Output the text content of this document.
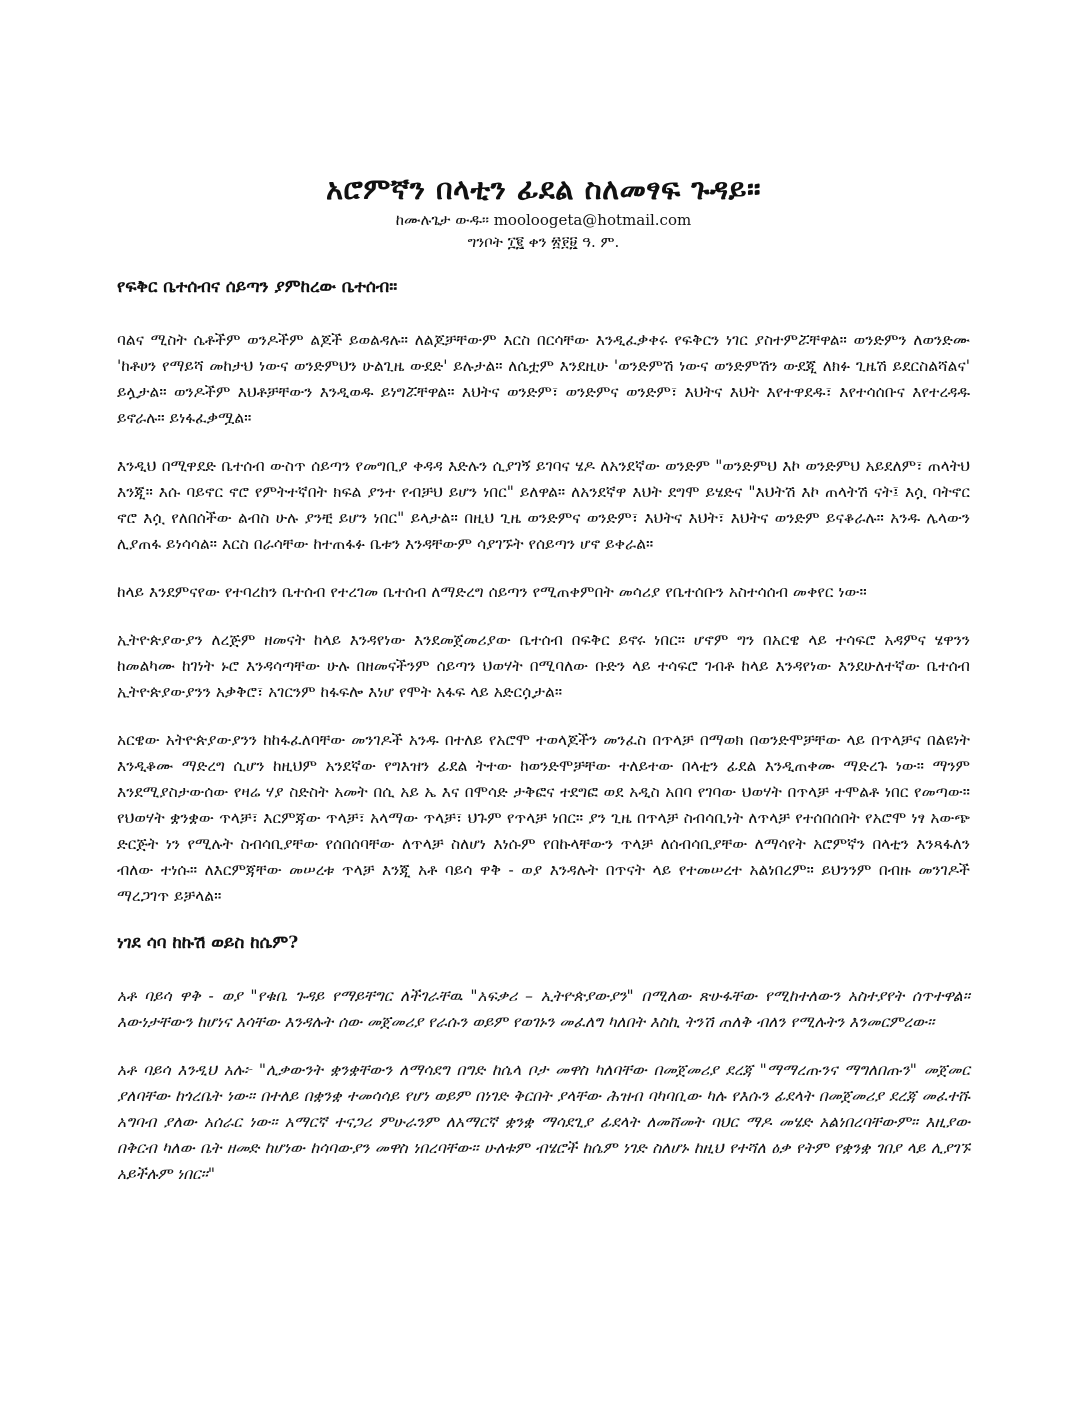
አሮምኛን በላቲን ፊደል ስለመፃፍ ጉዳይ።

ከሙሉጌታ ውዱ። mooloogeta@hotmail.com

ግንቦት ፲፪ ቀን ፳፻፱ ዓ. ም.

የፍቅር ቤተሰብና ሰይጣን ያምከረው ቤተሰብ።

ባልና ሚስት ሴቶችም ወንዶችም ልጆች ይወልዳሉ። ለልጆቻቸውም እርስ በርሳቸው እንዲፈቃቀሩ የፍቅርን ነገር ያስተምሯቸዋል። ወንድምን ለወንድሙ 'ከቶሀን የማይሻ መከታህ ነውና ወንድምህን ሁልጊዜ ውደድ' ይሉታል። ለሴቷም እንደዚሁ 'ወንድምሽ ነውና ወንድምሽን ውደጂ ለክፉ ጊዜሽ ይደርስልሻልና' ይሏታል። ወንዶችም እህቶቻቸውን እንዲወዱ ይነግሯቸዋል። እህትና ወንድም፣ ወንድምና ወንድም፣ እህትና እህት እየተዋደዱ፣ እየተሳሰቡና እየተረዳዱ ይኖራሉ። ይነፋፈቃሟል።

እንዲህ በሚዋደድ ቤተሰብ ውስጥ ሰይጣን የመግቢያ ቀዳዳ እድሉን ሲያገኝ ይገባና ሄዶ ለአንደኛው ወንድም "ወንድምህ እኮ ወንድምህ አይደለም፣ ጠላትህ እንጂ። እሱ ባይኖር ኖሮ የምትተኛበት ክፍል ያንተ የብቻህ ይሆን ነበር" ይለዋል። ለአንደኛዋ እህት ደግሞ ይሄድና "እህትሽ እኮ ጠላትሽ ናት፤ እሷ ባትኖር ኖሮ እሷ የለበሰችው ልብስ ሁሉ ያንቺ ይሆን ነበር" ይላታል። በዚህ ጊዜ ወንድምና ወንድም፣ እህትና እህት፣ እህትና ወንድም ይናቆራሉ። አንዱ ሌላውን ሊያጠፋ ይነሳሳል። እርስ በራሳቸው ከተጠፋፉ ቤቱን እንዳቸውም ሳያገኙት የሰይጣን ሆኖ ይቀራል።

ከላይ እንደምናየው የተባረከን ቤተሰብ የተረገመ ቤተሰብ ለማድረግ ሰይጣን የሚጠቀምበት መሳሪያ የቤተሰቡን አስተሳሰብ መቀየር ነው።

ኢትዮጵያውያን ለረጅም ዘመናት ከላይ እንዳየነው እንደመጀመሪያው ቤተሰብ በፍቅር ይኖሩ ነበር። ሆኖም ግን በአርዌ ላይ ተሳፍሮ አዳምና ሄዋንን ከመልካሙ ከገነት ኑሮ እንዳሳጣቸው ሁሉ በዘመናችንም ሰይጣን ህወሃት በሚባለው ቡድን ላይ ተሳፍሮ ገብቶ ከላይ እንዳየነው እንደሁለተኛው ቤተሰብ ኢትዮጵያውያንን አቃቅሮ፣ አገርንም ከፋፍሎ እነሆ የሞት አፋፍ ላይ አድርሷታል።

አርዌው አትዮጵያውያንን ከከፋፈለባቸው መንገዶች አንዱ በተለይ የአሮሞ ተወላጆችን መንፈስ በጥላቻ በማወክ በወንድሞቻቸው ላይ በጥላቻና በልዩነት እንዲቆሙ ማድረግ ሲሆን ከዚህም አንደኛው የግእዝን ፊደል ትተው ከወንድሞቻቸው ተለይተው በላቲን ፊደል እንዲጠቀሙ ማድረጉ ነው። ማንም እንደሚያስታውሰው የዛሬ ሃያ ስድስት አመት በሲ አይ ኤ እና በሞሳድ ታቅፎና ተደግፎ ወደ አዲስ አበባ የገባው ህወሃት በጥላቻ ተሞልቶ ነበር የመጣው። የህወሃት ቋንቋው ጥላቻ፣ እርምጃው ጥላቻ፣ አላማው ጥላቻ፣ ህጉም የጥላቻ ነበር። ያን ጊዜ በጥላቻ ስብሳቢነት ለጥላቻ የተሰበሰበት የአሮሞ ነፃ አውጭ ድርጅት ነን የሚሉት ስብሳቢያቸው የሰበሰባቸው ለጥላቻ ስለሆነ እነሱም የበኩላቸውን ጥላቻ ለሰብሳቢያቸው ለማሳየት አሮምኛን በላቲን እንጻፋለን ብለው ተነሱ። ለእርምጃቸው መሠረቱ ጥላቻ እንጂ አቶ ባይሳ ዋቅ - ወያ እንዳሉት በጥናት ላይ የተመሠረተ አልነበረም። ይህንንም በብዙ መንገዶች ማረጋገጥ ይቻላል።

ነገደ ሳባ ከኩሽ ወይስ ከሴም?

አቶ ባይሳ ዋቅ - ወያ "የቁቤ ጉዳይ የማይቸግር ለችገራቸዉ "አፍቃሪ – ኢትዮጵያውያን" በሚለው ጽሁፋቸው የሚከተለውን አስተያየት ሰጥተዋል። እውነታቸውን ከሆነና እሳቸው እንዳሉት ሰው መጀመሪያ የራሱን ወይም የወገኑን መፈለግ ካለበት እስኪ ትንሽ ጠለቅ ብለን የሚሉትን እንመርምረው።

አቶ ባይሳ እንዲህ አሉ፦ "ሊቃውንት ቋንቋቸውን ለማሳደግ በግድ ከሴላ ቦታ መዋስ ካለባቸው በመጀመሪያ ደረጃ "ማማረጡንና ማግለበጡን" መጀመር ያለባቸው ከጎረቤት ነው። በተለይ በቋንቋ ተመሳሳይ የሆነ ወይም በነገድ ቅርበት ያላቸው ሕዝብ ባካባቢው ካሉ የእሱን ፊደላት በመጀመሪያ ደረጃ መፈተሹ አግባብ ያለው አሰራር ነው። አማርኛ ተናጋሪ ምሁራንም ለአማርኛ ቋንቋ ማሳደጊያ ፊደላት ለመሸመት ባህር ማዶ መሄድ አልነበረባቸውም። እዚያው በቅርብ ካለው ቤት ዘመድ ከሆነው ከሳባውያን መዋስ ነበረባቸው። ሁለቱም ብሄሮች ከሴም ነገድ ስለሆኑ ከዚህ የተሻለ ዕቃ የትም የቋንቋ ገበያ ላይ ሊያገኙ አይችሉም ነበር።"
